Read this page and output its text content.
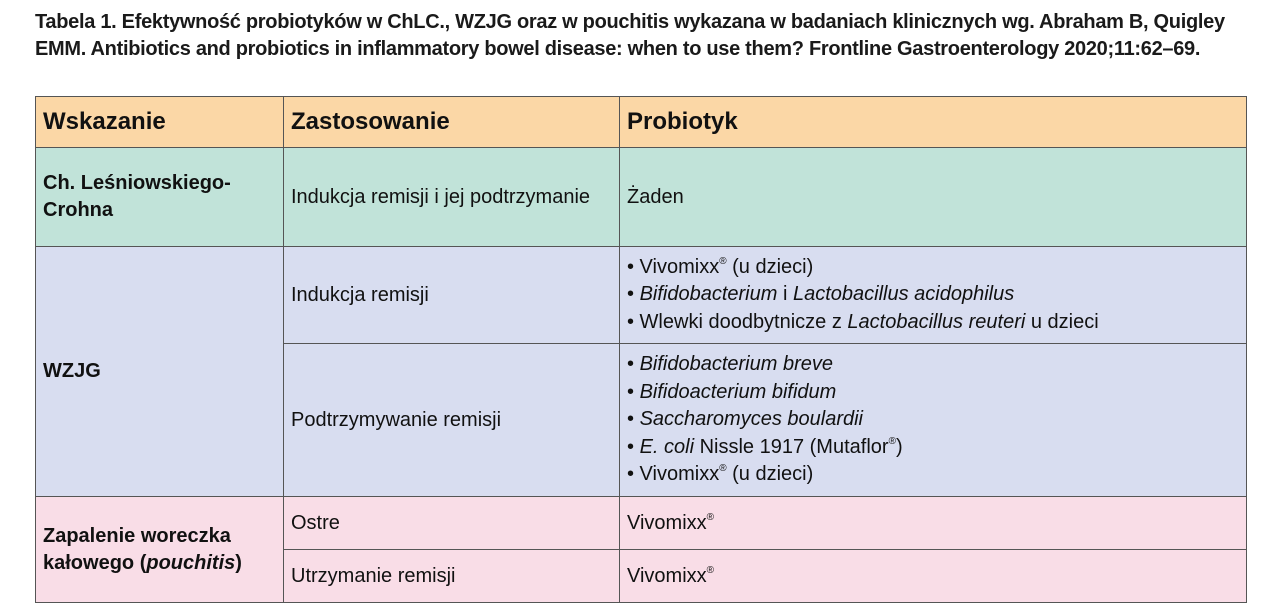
Tabela 1. Efektywność probiotyków w ChLC., WZJG oraz w pouchitis wykazana w badaniach klinicznych wg. Abraham B, Quigley EMM. Antibiotics and probiotics in inflammatory bowel disease: when to use them? Frontline Gastroenterology 2020;11:62–69.
Wskazanie	Zastosowanie	Probiotyk
Ch. Leśniowskiego-Crohna	Indukcja remisji i jej podtrzymanie	Żaden
WZJG	Indukcja remisji	• Vivomixx® (u dzieci)
• Bifidobacterium i Lactobacillus acidophilus
• Wlewki doodbytnicze z Lactobacillus reuteri u dzieci

	Podtrzymywanie remisji	• Bifidobacterium breve
• Bifidoacterium bifidum
• Saccharomyces boulardii
• E. coli Nissle 1917 (Mutaflor®)
• Vivomixx® (u dzieci)

Zapalenie woreczka kałowego (pouchitis)	Ostre	Vivomixx®
	Utrzymanie remisji	Vivomixx®
